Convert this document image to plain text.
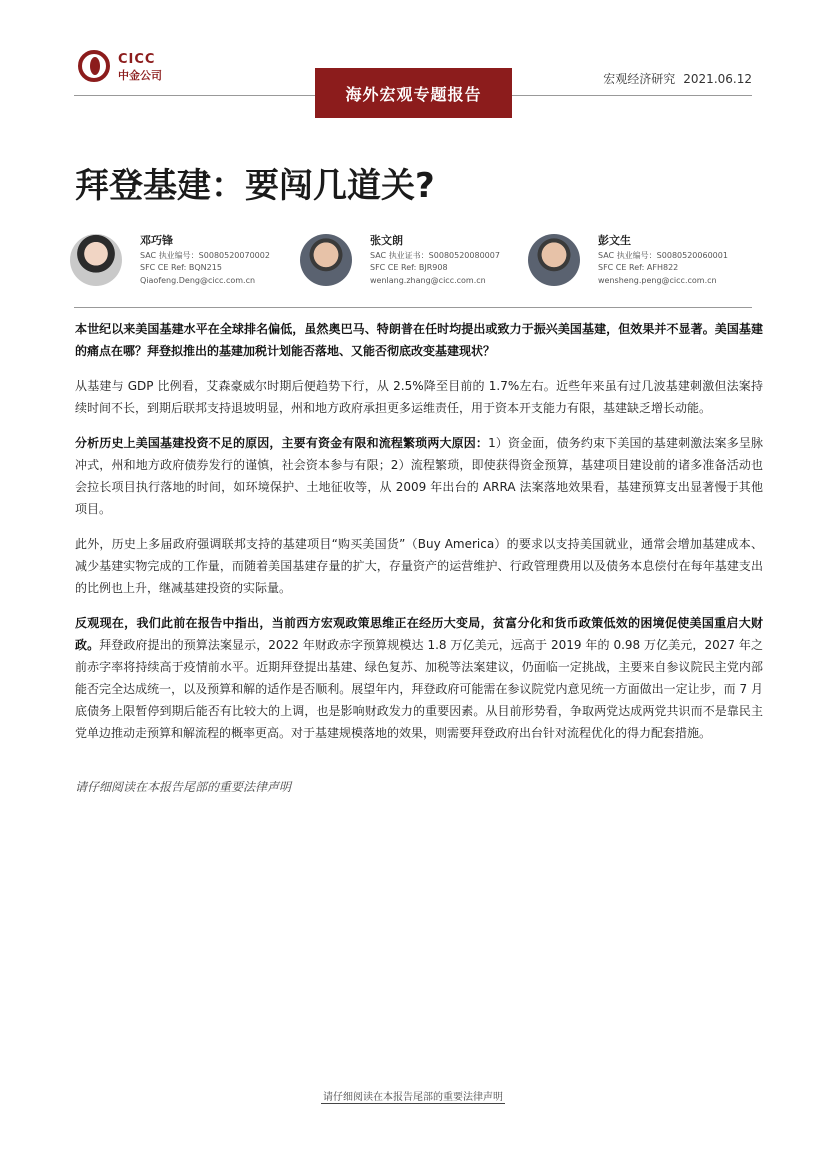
CICC
中金公司
海外宏观专题报告
宏观经济研究 2021.06.12
拜登基建：要闯几道关?
邓巧锋
SAC 执业编号：S0080520070002
SFC CE Ref: BQN215
Qiaofeng.Deng@cicc.com.cn
张文朗
SAC 执业证书：S0080520080007
SFC CE Ref: BJR908
wenlang.zhang@cicc.com.cn
彭文生
SAC 执业编号：S0080520060001
SFC CE Ref: AFH822
wensheng.peng@cicc.com.cn

本世纪以来美国基建水平在全球排名偏低，虽然奥巴马、特朗普在任时均提出或致力于振兴美国基建，但效果并不显著。美国基建的痛点在哪？拜登拟推出的基建加税计划能否落地、又能否彻底改变基建现状？

从基建与 GDP 比例看，艾森豪威尔时期后便趋势下行，从 2.5%降至目前的 1.7%左右。近些年来虽有过几波基建刺激但法案持续时间不长，到期后联邦支持退坡明显，州和地方政府承担更多运维责任，用于资本开支能力有限，基建缺乏增长动能。

分析历史上美国基建投资不足的原因，主要有资金有限和流程繁琐两大原因：1）资金面，债务约束下美国的基建刺激法案多呈脉冲式，州和地方政府债券发行的谨慎，社会资本参与有限；2）流程繁琐，即使获得资金预算，基建项目建设前的诸多准备活动也会拉长项目执行落地的时间，如环境保护、土地征收等，从 2009 年出台的 ARRA 法案落地效果看，基建预算支出显著慢于其他项目。

此外，历史上多届政府强调联邦支持的基建项目“购买美国货”（Buy America）的要求以支持美国就业，通常会增加基建成本、减少基建实物完成的工作量，而随着美国基建存量的扩大，存量资产的运营维护、行政管理费用以及债务本息偿付在每年基建支出的比例也上升，继减基建投资的实际量。

反观现在，我们此前在报告中指出，当前西方宏观政策思维正在经历大变局，贫富分化和货币政策低效的困境促使美国重启大财政。拜登政府提出的预算法案显示，2022 年财政赤字预算规模达 1.8 万亿美元，远高于 2019 年的 0.98 万亿美元，2027 年之前赤字率将持续高于疫情前水平。近期拜登提出基建、绿色复苏、加税等法案建议，仍面临一定挑战，主要来自参议院民主党内部能否完全达成统一，以及预算和解的适作是否顺利。展望年内，拜登政府可能需在参议院党内意见统一方面做出一定让步，而 7 月底债务上限暂停到期后能否有比较大的上调，也是影响财政发力的重要因素。从目前形势看，争取两党达成两党共识而不是靠民主党单边推动走预算和解流程的概率更高。对于基建规模落地的效果，则需要拜登政府出台针对流程优化的得力配套措施。

请仔细阅读在本报告尾部的重要法律声明
请仔细阅读在本报告尾部的重要法律声明
